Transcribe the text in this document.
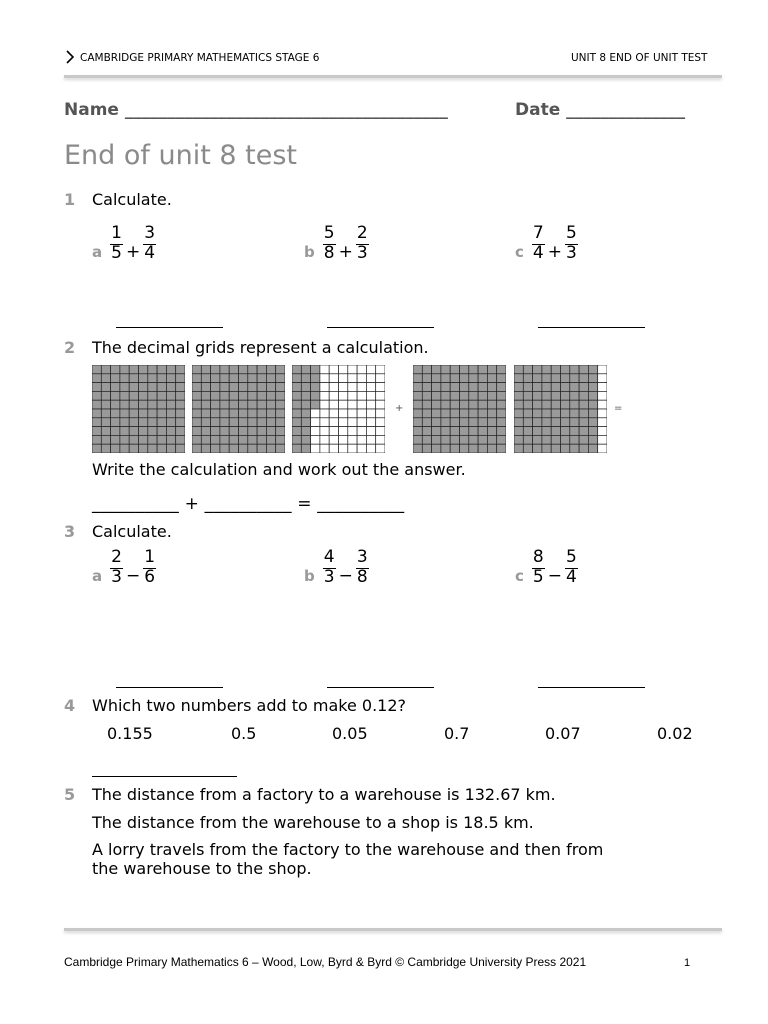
CAMBRIDGE PRIMARY MATHEMATICS STAGE 6	UNIT 8 END OF UNIT TEST
Name ______________________________________	Date ______________
End of unit 8 test
1 Calculate.
a $\frac{1}{5} + \frac{3}{4}$	b $\frac{5}{8} + \frac{2}{3}$	c $\frac{7}{4} + \frac{5}{3}$
2 The decimal grids represent a calculation.
+	=
Write the calculation and work out the answer.
__________ + __________ = __________
3 Calculate.
a $\frac{2}{3} - \frac{1}{6}$	b $\frac{4}{3} - \frac{3}{8}$	c $\frac{8}{5} - \frac{5}{4}$
4 Which two numbers add to make 0.12?
0.155	0.5	0.05	0.7	0.07	0.02
5 The distance from a factory to a warehouse is 132.67 km.
The distance from the warehouse to a shop is 18.5 km.
A lorry travels from the factory to the warehouse and then from
the warehouse to the shop.
Cambridge Primary Mathematics 6 – Wood, Low, Byrd & Byrd © Cambridge University Press 2021	1
